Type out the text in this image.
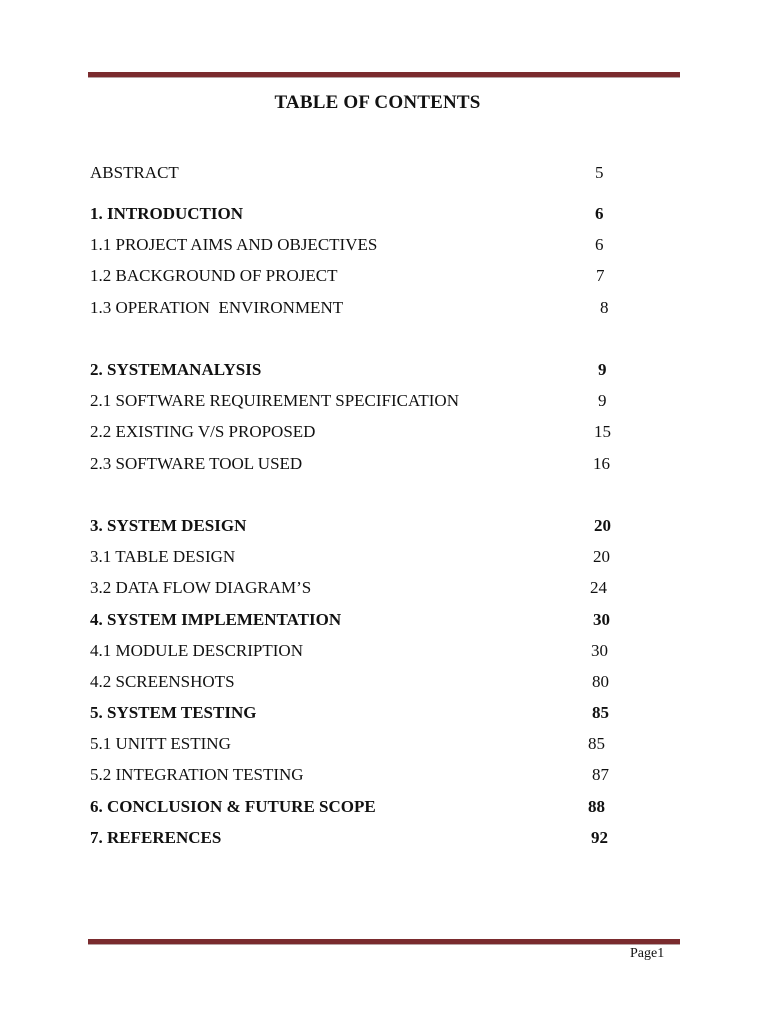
TABLE OF CONTENTS
ABSTRACT	5
1. INTRODUCTION	6
1.1 PROJECT AIMS AND OBJECTIVES	6
1.2 BACKGROUND OF PROJECT	7
1.3 OPERATION  ENVIRONMENT	8
2. SYSTEMANALYSIS	9
2.1 SOFTWARE REQUIREMENT SPECIFICATION	9
2.2 EXISTING V/S PROPOSED	15
2.3 SOFTWARE TOOL USED	16
3. SYSTEM DESIGN	20
3.1 TABLE DESIGN	20
3.2 DATA FLOW DIAGRAM’S	24
4. SYSTEM IMPLEMENTATION	30
4.1 MODULE DESCRIPTION	30
4.2 SCREENSHOTS	80
5. SYSTEM TESTING	85
5.1 UNITT ESTING	85
5.2 INTEGRATION TESTING	87
6. CONCLUSION & FUTURE SCOPE	88
7. REFERENCES	92
Page1
